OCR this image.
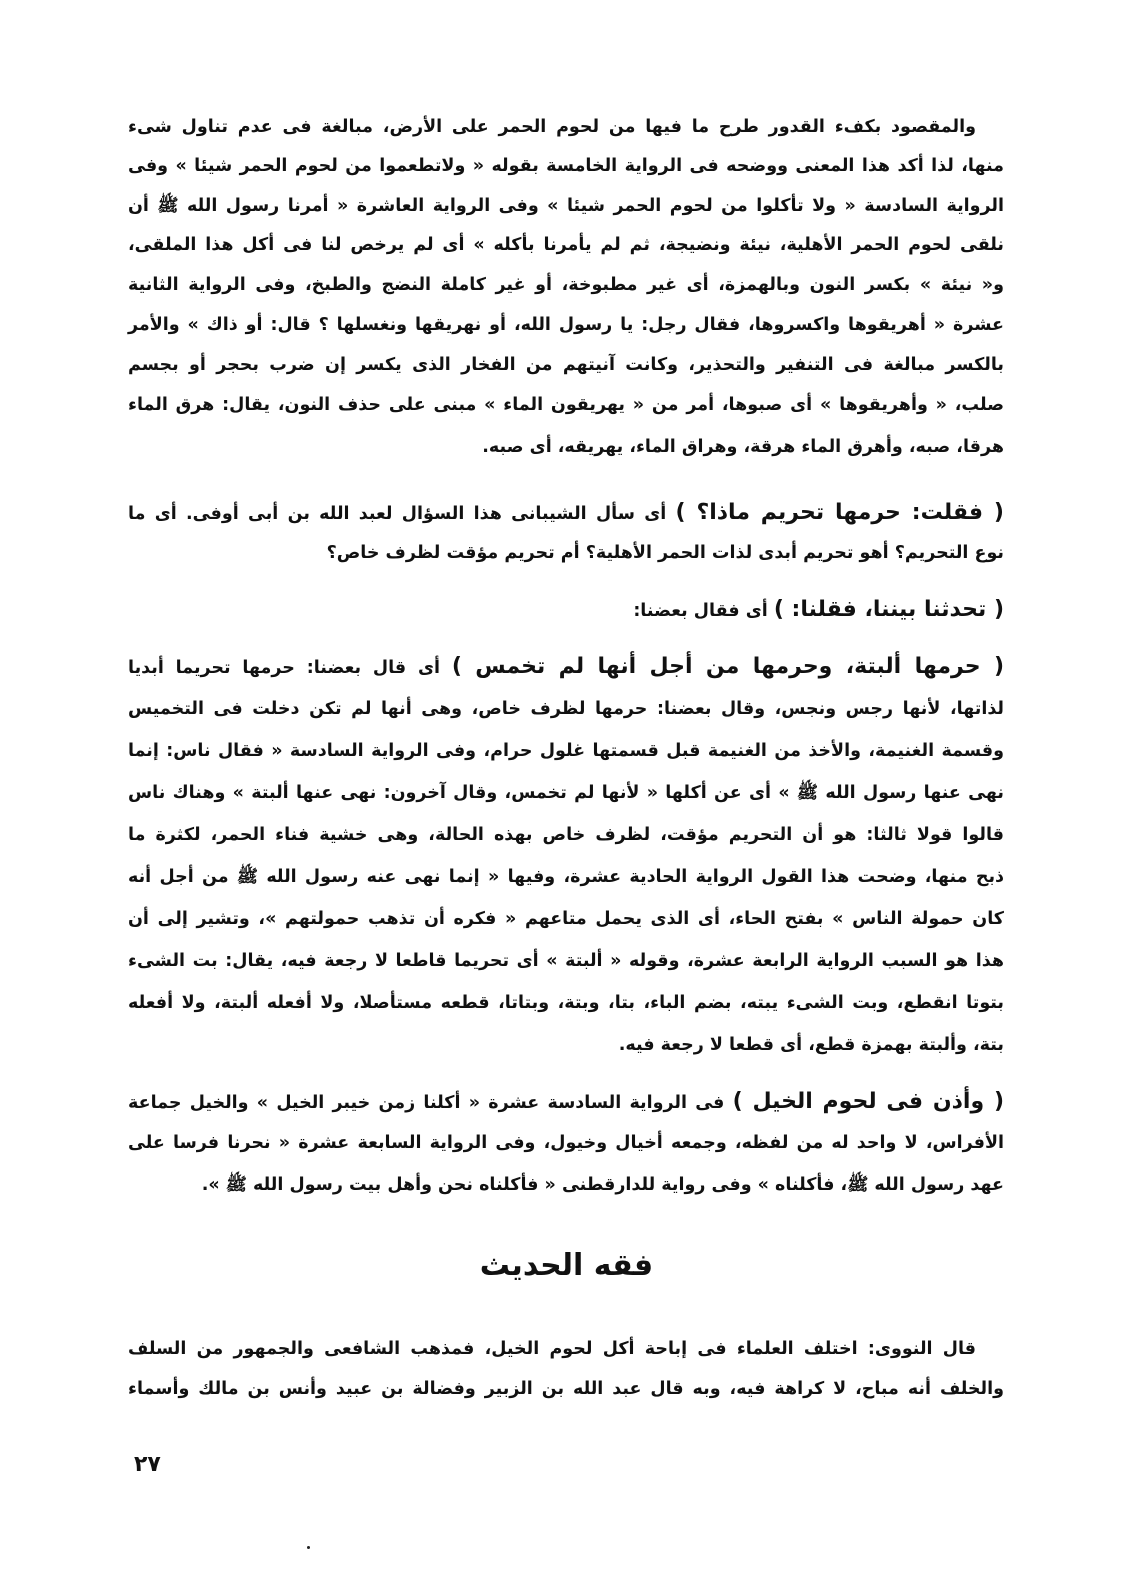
فقه الحديث
٢٧
والمقصود بكفء القدور طرح ما فيها من لحوم الحمر على الأرض، مبالغة فى عدم تناول شىء
منها، لذا أكد هذا المعنى ووضحه فى الرواية الخامسة بقوله « ولاتطعموا من لحوم الحمر شيئا » وفى
الرواية السادسة « ولا تأكلوا من لحوم الحمر شيئا » وفى الرواية العاشرة « أمرنا رسول الله ﷺ أن
نلقى لحوم الحمر الأهلية، نيئة ونضيجة، ثم لم يأمرنا بأكله » أى لم يرخص لنا فى أكل هذا الملقى،
و« نيئة » بكسر النون وبالهمزة، أى غير مطبوخة، أو غير كاملة النضج والطبخ، وفى الرواية الثانية
عشرة « أهريقوها واكسروها، فقال رجل: يا رسول الله، أو نهريقها ونغسلها ؟ قال: أو ذاك » والأمر
بالكسر مبالغة فى التنفير والتحذير، وكانت آنيتهم من الفخار الذى يكسر إن ضرب بحجر أو بجسم
صلب، « وأهريقوها » أى صبوها، أمر من « يهريقون الماء » مبنى على حذف النون، يقال: هرق الماء
هرقا، صبه، وأهرق الماء هرقة، وهراق الماء، يهريقه، أى صبه.
( فقلت: حرمها تحريم ماذا؟ ) أى سأل الشيبانى هذا السؤال لعبد الله بن أبى أوفى. أى ما
نوع التحريم؟ أهو تحريم أبدى لذات الحمر الأهلية؟ أم تحريم مؤقت لظرف خاص؟
( تحدثنا بيننا، فقلنا: ) أى فقال بعضنا:
( حرمها ألبتة، وحرمها من أجل أنها لم تخمس ) أى قال بعضنا: حرمها تحريما أبديا
لذاتها، لأنها رجس ونجس، وقال بعضنا: حرمها لظرف خاص، وهى أنها لم تكن دخلت فى التخميس
وقسمة الغنيمة، والأخذ من الغنيمة قبل قسمتها غلول حرام، وفى الرواية السادسة « فقال ناس: إنما
نهى عنها رسول الله ﷺ » أى عن أكلها « لأنها لم تخمس، وقال آخرون: نهى عنها ألبتة » وهناك ناس
قالوا قولا ثالثا: هو أن التحريم مؤقت، لظرف خاص بهذه الحالة، وهى خشية فناء الحمر، لكثرة ما
ذبح منها، وضحت هذا القول الرواية الحادية عشرة، وفيها « إنما نهى عنه رسول الله ﷺ من أجل أنه
كان حمولة الناس » بفتح الحاء، أى الذى يحمل متاعهم « فكره أن تذهب حمولتهم »، وتشير إلى أن
هذا هو السبب الرواية الرابعة عشرة، وقوله « ألبتة » أى تحريما قاطعا لا رجعة فيه، يقال: بت الشىء
بتوتا انقطع، وبت الشىء يبته، بضم الباء، بتا، وبتة، وبتاتا، قطعه مستأصلا، ولا أفعله ألبتة، ولا أفعله
بتة، وألبتة بهمزة قطع، أى قطعا لا رجعة فيه.
( وأذن فى لحوم الخيل ) فى الرواية السادسة عشرة « أكلنا زمن خيبر الخيل » والخيل جماعة
الأفراس، لا واحد له من لفظه، وجمعه أخيال وخيول، وفى الرواية السابعة عشرة « نحرنا فرسا على
عهد رسول الله ﷺ، فأكلناه » وفى رواية للدارقطنى « فأكلناه نحن وأهل بيت رسول الله ﷺ ».
قال النووى: اختلف العلماء فى إباحة أكل لحوم الخيل، فمذهب الشافعى والجمهور من السلف
والخلف أنه مباح، لا كراهة فيه، وبه قال عبد الله بن الزبير وفضالة بن عبيد وأنس بن مالك وأسماء
